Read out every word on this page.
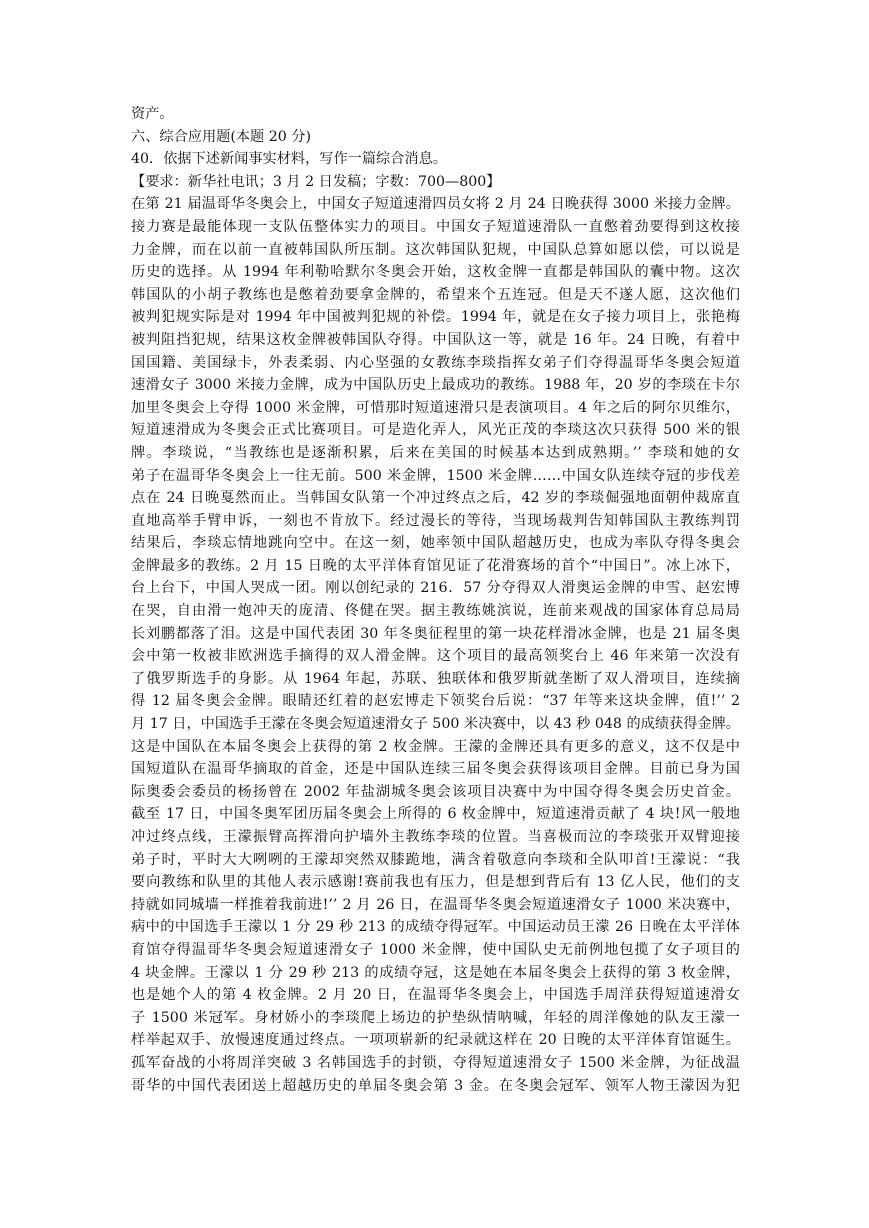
资产。
六、综合应用题(本题 20 分)
40．依据下述新闻事实材料，写作一篇综合消息。
【要求：新华社电讯；3 月 2 日发稿；字数：700—800】
在第 21 届温哥华冬奥会上，中国女子短道速滑四员女将 2 月 24 日晚获得 3000 米接力金牌。
接力赛是最能体现一支队伍整体实力的项目。中国女子短道速滑队一直憋着劲要得到这枚接
力金牌，而在以前一直被韩国队所压制。这次韩国队犯规，中国队总算如愿以偿，可以说是
历史的选择。从 1994 年利勒哈默尔冬奥会开始，这枚金牌一直都是韩国队的囊中物。这次
韩国队的小胡子教练也是憋着劲要拿金牌的，希望来个五连冠。但是天不遂人愿，这次他们
被判犯规实际是对 1994 年中国被判犯规的补偿。1994 年，就是在女子接力项目上，张艳梅
被判阻挡犯规，结果这枚金牌被韩国队夺得。中国队这一等，就是 16 年。24 日晚，有着中
国国籍、美国绿卡，外表柔弱、内心坚强的女教练李琰指挥女弟子们夺得温哥华冬奥会短道
速滑女子 3000 米接力金牌，成为中国队历史上最成功的教练。1988 年，20 岁的李琰在卡尔
加里冬奥会上夺得 1000 米金牌，可惜那时短道速滑只是表演项目。4 年之后的阿尔贝维尔，
短道速滑成为冬奥会正式比赛项目。可是造化弄人，风光正茂的李琰这次只获得 500 米的银
牌。李琰说，“当教练也是逐渐积累，后来在美国的时候基本达到成熟期。’’ 李琰和她的女
弟子在温哥华冬奥会上一往无前。500 米金牌，1500 米金牌……中国女队连续夺冠的步伐差
点在 24 日晚戛然而止。当韩国女队第一个冲过终点之后，42 岁的李琰倔强地面朝仲裁席直
直地高举手臂申诉，一刻也不肯放下。经过漫长的等待，当现场裁判告知韩国队主教练判罚
结果后，李琰忘情地跳向空中。在这一刻，她率领中国队超越历史，也成为率队夺得冬奥会
金牌最多的教练。2 月 15 日晚的太平洋体育馆见证了花滑赛场的首个“中国日”。冰上冰下，
台上台下，中国人哭成一团。刚以创纪录的 216．57 分夺得双人滑奥运金牌的申雪、赵宏博
在哭，自由滑一炮冲天的庞清、佟健在哭。据主教练姚滨说，连前来观战的国家体育总局局
长刘鹏都落了泪。这是中国代表团 30 年冬奥征程里的第一块花样滑冰金牌，也是 21 届冬奥
会中第一枚被非欧洲选手摘得的双人滑金牌。这个项目的最高领奖台上 46 年来第一次没有
了俄罗斯选手的身影。从 1964 年起，苏联、独联体和俄罗斯就垄断了双人滑项目，连续摘
得 12 届冬奥会金牌。眼睛还红着的赵宏博走下领奖台后说：“37 年等来这块金牌，值!’’ 2
月 17 日，中国选手王濛在冬奥会短道速滑女子 500 米决赛中，以 43 秒 048 的成绩获得金牌。
这是中国队在本届冬奥会上获得的第 2 枚金牌。王濛的金牌还具有更多的意义，这不仅是中
国短道队在温哥华摘取的首金，还是中国队连续三届冬奥会获得该项目金牌。目前已身为国
际奥委会委员的杨扬曾在 2002 年盐湖城冬奥会该项目决赛中为中国夺得冬奥会历史首金。
截至 17 日，中国冬奥军团历届冬奥会上所得的 6 枚金牌中，短道速滑贡献了 4 块!风一般地
冲过终点线，王濛振臂高挥滑向护墙外主教练李琰的位置。当喜极而泣的李琰张开双臂迎接
弟子时，平时大大咧咧的王濛却突然双膝跪地，满含着敬意向李琰和全队叩首!王濛说：“我
要向教练和队里的其他人表示感谢!赛前我也有压力，但是想到背后有 13 亿人民，他们的支
持就如同城墙一样推着我前进!’’ 2 月 26 日，在温哥华冬奥会短道速滑女子 1000 米决赛中，
病中的中国选手王濛以 1 分 29 秒 213 的成绩夺得冠军。中国运动员王濛 26 日晚在太平洋体
育馆夺得温哥华冬奥会短道速滑女子 1000 米金牌，使中国队史无前例地包揽了女子项目的
4 块金牌。王濛以 1 分 29 秒 213 的成绩夺冠，这是她在本届冬奥会上获得的第 3 枚金牌，
也是她个人的第 4 枚金牌。2 月 20 日，在温哥华冬奥会上，中国选手周洋获得短道速滑女
子 1500 米冠军。身材娇小的李琰爬上场边的护垫纵情呐喊，年轻的周洋像她的队友王濛一
样举起双手、放慢速度通过终点。一项项崭新的纪录就这样在 20 日晚的太平洋体育馆诞生。
孤军奋战的小将周洋突破 3 名韩国选手的封锁，夺得短道速滑女子 1500 米金牌，为征战温
哥华的中国代表团送上超越历史的单届冬奥会第 3 金。在冬奥会冠军、领军人物王濛因为犯
